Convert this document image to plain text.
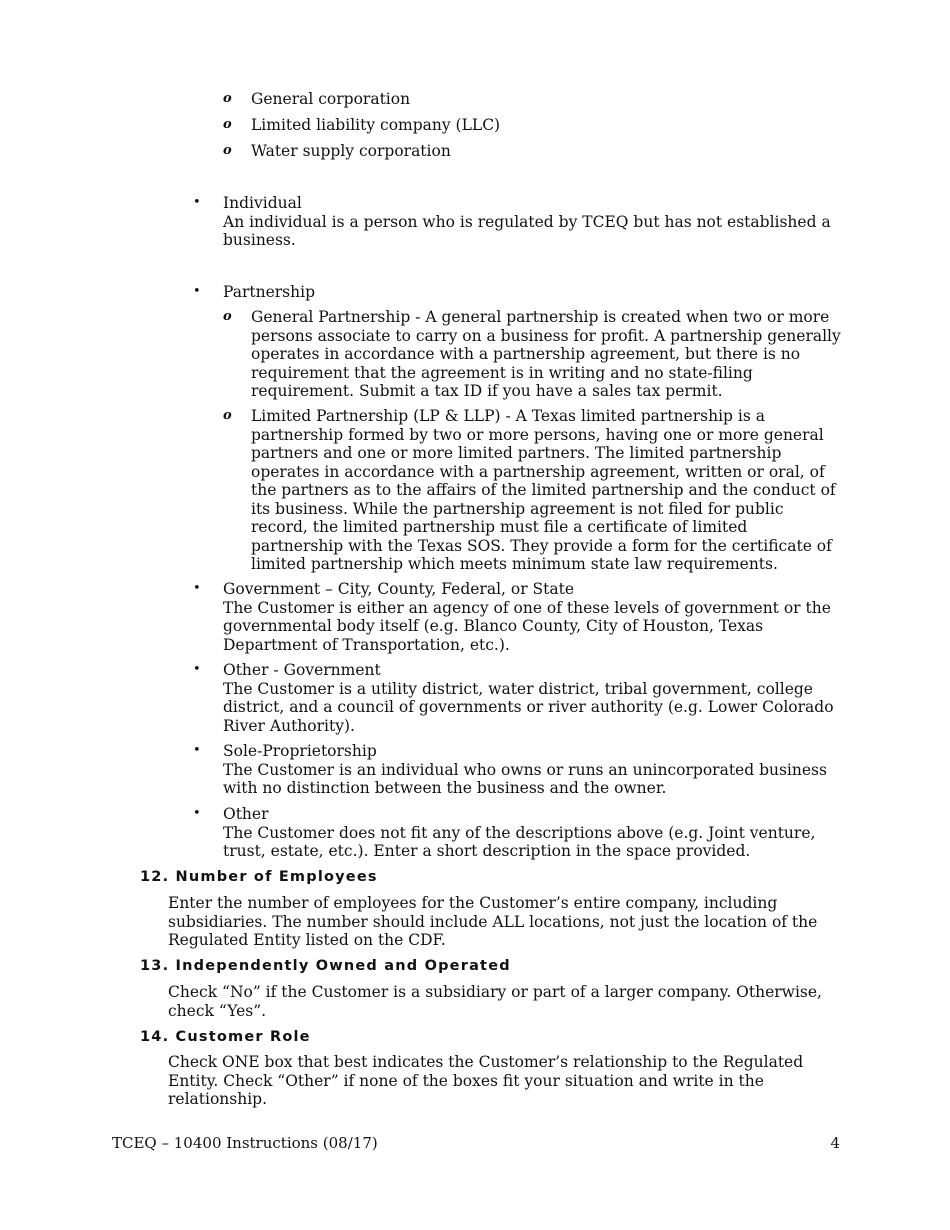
o General corporation
o Limited liability company (LLC)
o Water supply corporation
• Individual
An individual is a person who is regulated by TCEQ but has not established a business.
• Partnership
o General Partnership - A general partnership is created when two or more persons associate to carry on a business for profit. A partnership generally operates in accordance with a partnership agreement, but there is no requirement that the agreement is in writing and no state-filing requirement. Submit a tax ID if you have a sales tax permit.
o Limited Partnership (LP & LLP) - A Texas limited partnership is a partnership formed by two or more persons, having one or more general partners and one or more limited partners. The limited partnership operates in accordance with a partnership agreement, written or oral, of the partners as to the affairs of the limited partnership and the conduct of its business. While the partnership agreement is not filed for public record, the limited partnership must file a certificate of limited partnership with the Texas SOS. They provide a form for the certificate of limited partnership which meets minimum state law requirements.
• Government – City, County, Federal, or State
The Customer is either an agency of one of these levels of government or the governmental body itself (e.g. Blanco County, City of Houston, Texas Department of Transportation, etc.).
• Other - Government
The Customer is a utility district, water district, tribal government, college district, and a council of governments or river authority (e.g. Lower Colorado River Authority).
• Sole-Proprietorship
The Customer is an individual who owns or runs an unincorporated business with no distinction between the business and the owner.
• Other
The Customer does not fit any of the descriptions above (e.g. Joint venture, trust, estate, etc.). Enter a short description in the space provided.
12. Number of Employees
Enter the number of employees for the Customer’s entire company, including subsidiaries. The number should include ALL locations, not just the location of the Regulated Entity listed on the CDF.
13. Independently Owned and Operated
Check “No” if the Customer is a subsidiary or part of a larger company. Otherwise, check “Yes”.
14. Customer Role
Check ONE box that best indicates the Customer’s relationship to the Regulated Entity. Check “Other” if none of the boxes fit your situation and write in the relationship.
TCEQ – 10400 Instructions (08/17)	4
